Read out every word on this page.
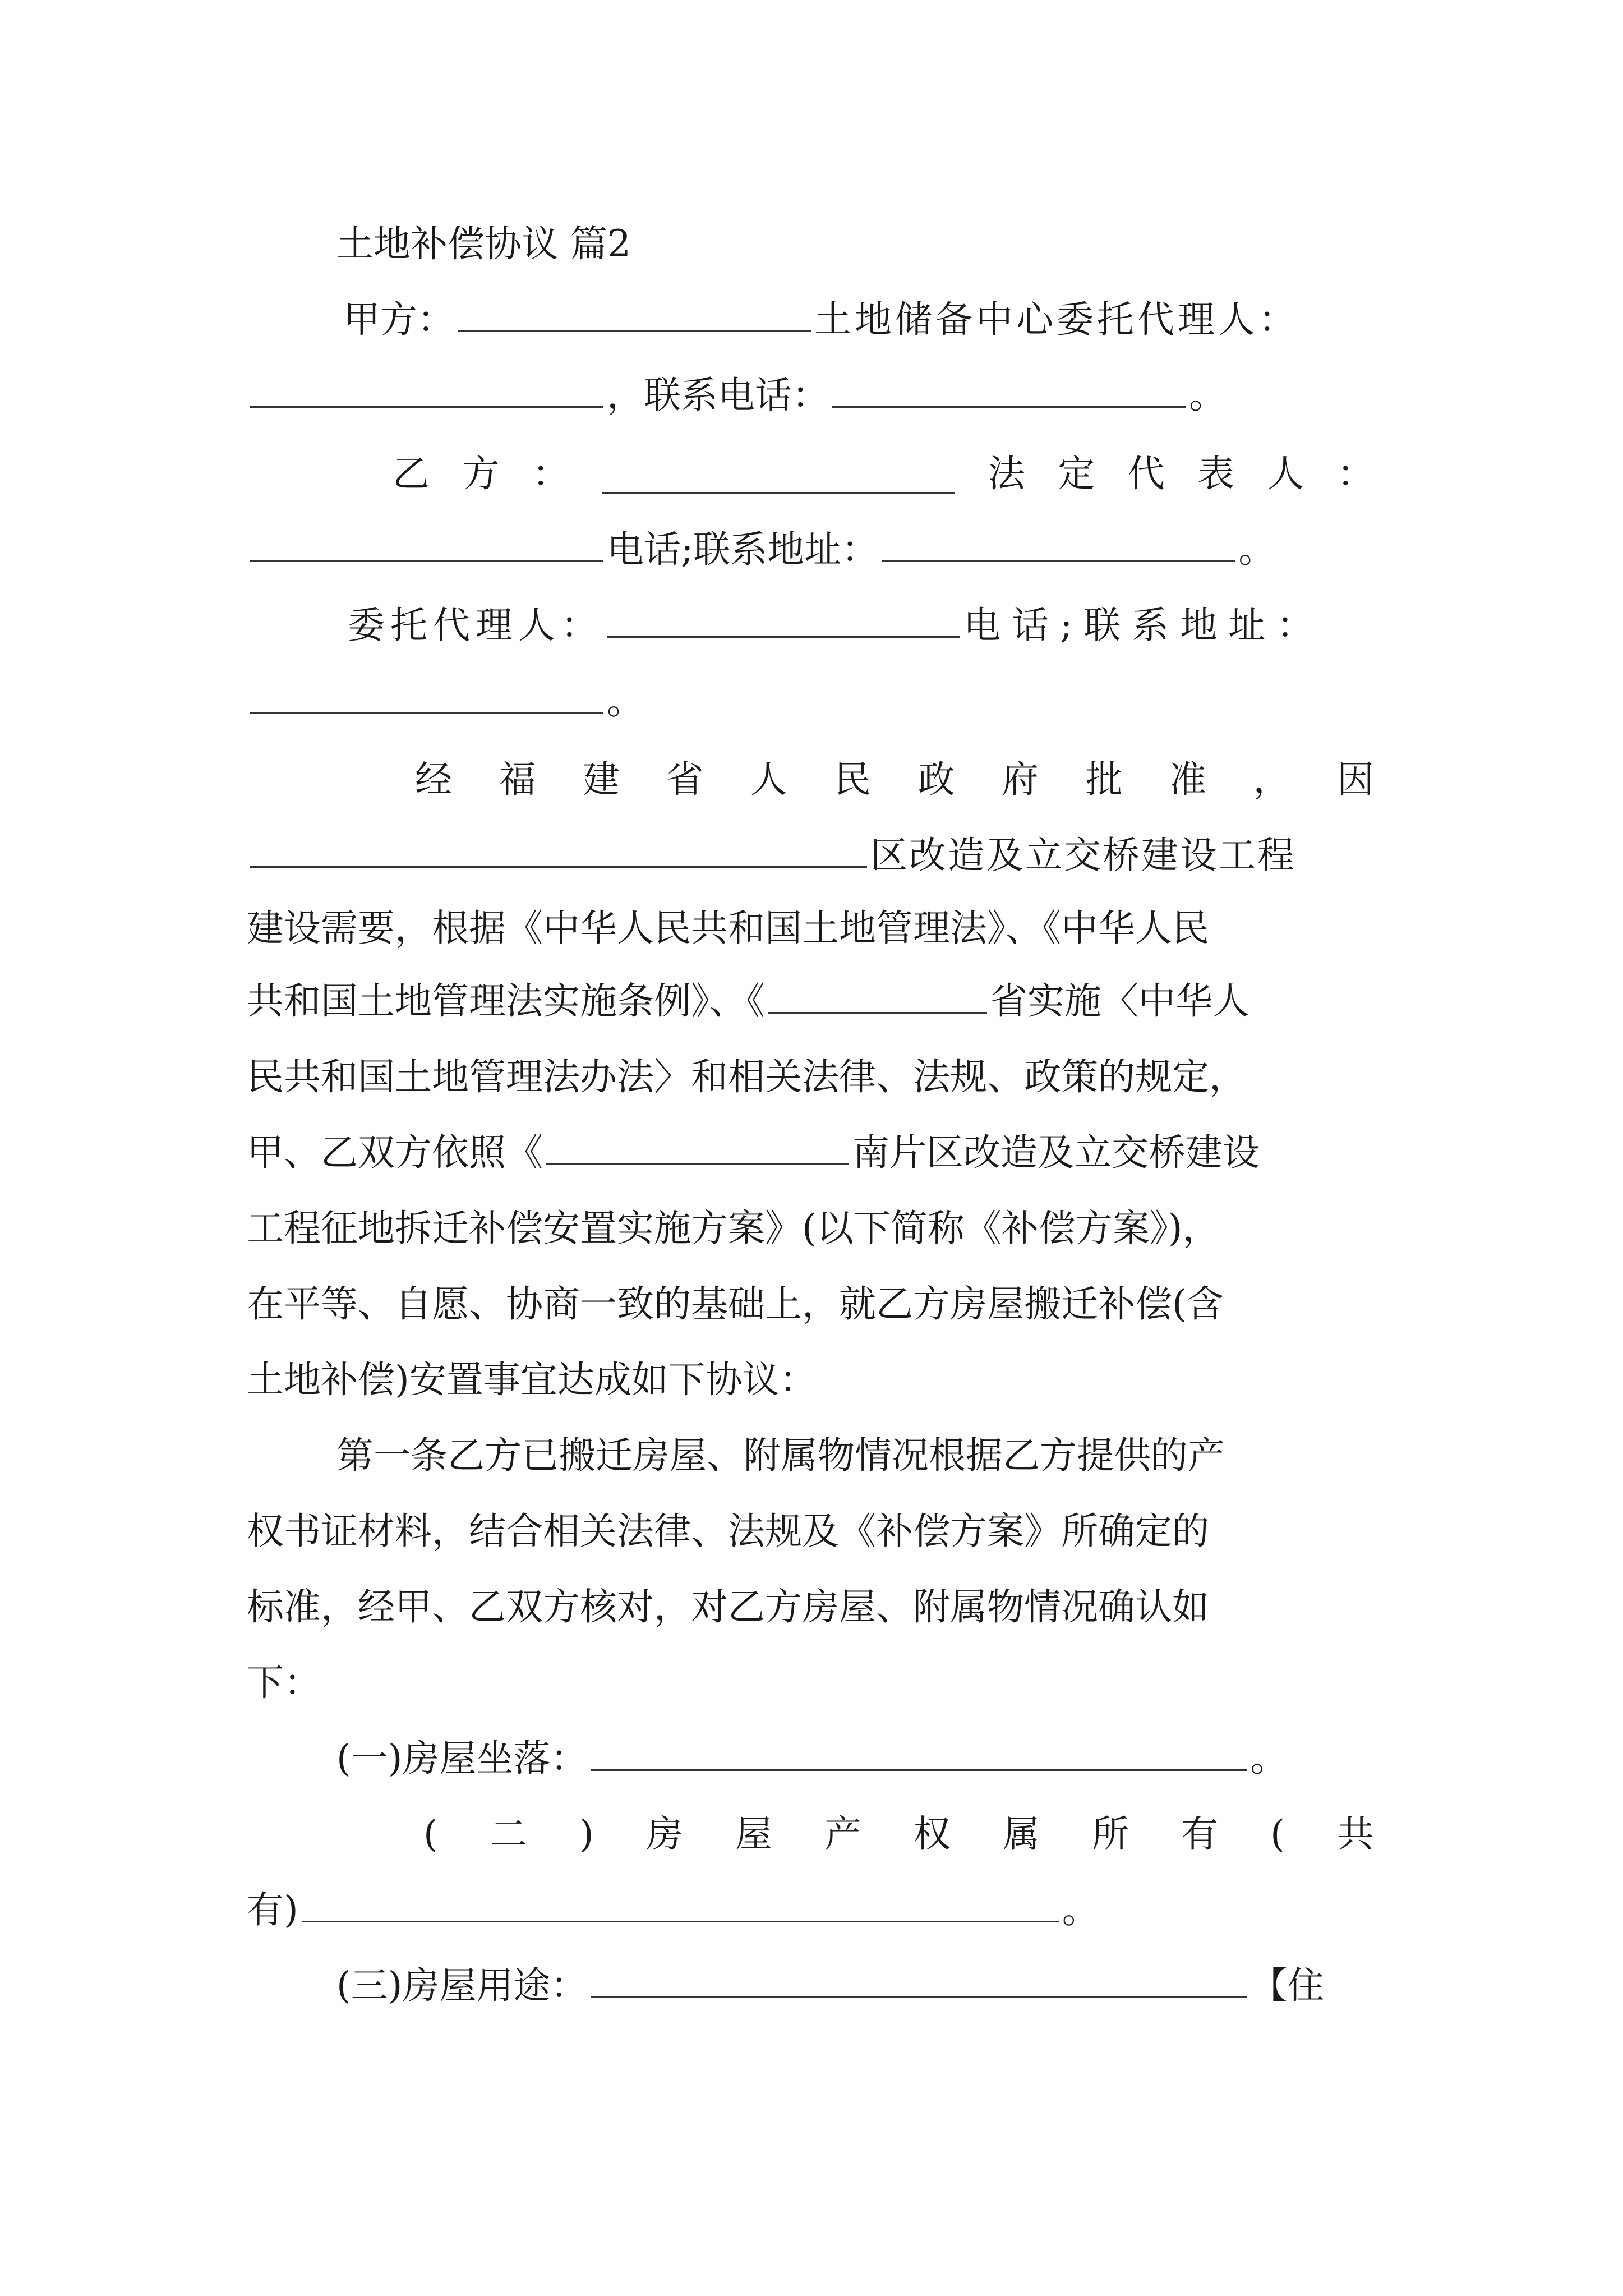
土地补偿协议 篇2
甲方：	土地储备中心委托代理人：
，联系电话：	。
乙 方 ：	法 定 代 表 人 ：
电话;联系地址：	。
委托代理人：	电话;联系地址：
。
经 福 建 省 人 民 政 府 批 准 ， 因
区改造及立交桥建设工程
建设需要，根据《中华人民共和国土地管理法》、《中华人民
共和国土地管理法实施条例》、《	省实施〈中华人
民共和国土地管理法办法〉和相关法律、法规、政策的规定，
甲、乙双方依照《	南片区改造及立交桥建设
工程征地拆迁补偿安置实施方案》(以下简称《补偿方案》)，
在平等、自愿、协商一致的基础上，就乙方房屋搬迁补偿(含
土地补偿)安置事宜达成如下协议：
第一条乙方已搬迁房屋、附属物情况根据乙方提供的产
权书证材料，结合相关法律、法规及《补偿方案》所确定的
标准，经甲、乙双方核对，对乙方房屋、附属物情况确认如
下：
(一)房屋坐落：	。
( 二 ) 房 屋 产 权 属 所 有 ( 共
有)	。
(三)房屋用途：	【住
